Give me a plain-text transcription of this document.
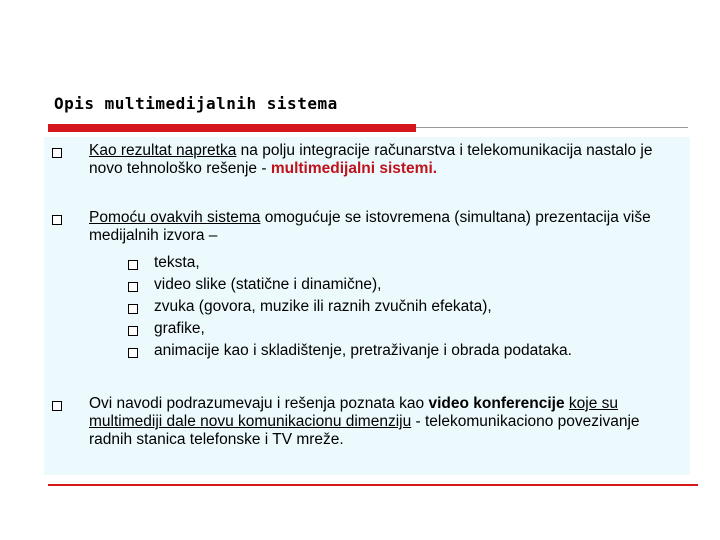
Opis multimedijalnih sistema
Kao rezultat napretka na polju integracije računarstva i telekomunikacija nastalo je novo tehnološko rešenje - multimedijalni sistemi.
Pomoću ovakvih sistema omogućuje se istovremena (simultana) prezentacija više medijalnih izvora –
teksta,
video slike (statične i dinamične),
zvuka (govora, muzike ili raznih zvučnih efekata),
grafike,
animacije kao i skladištenje, pretraživanje i obrada podataka.
Ovi navodi podrazumevaju i rešenja poznata kao video konferencije koje su multimediji dale novu komunikacionu dimenziju - telekomunikaciono povezivanje radnih stanica telefonske i TV mreže.
